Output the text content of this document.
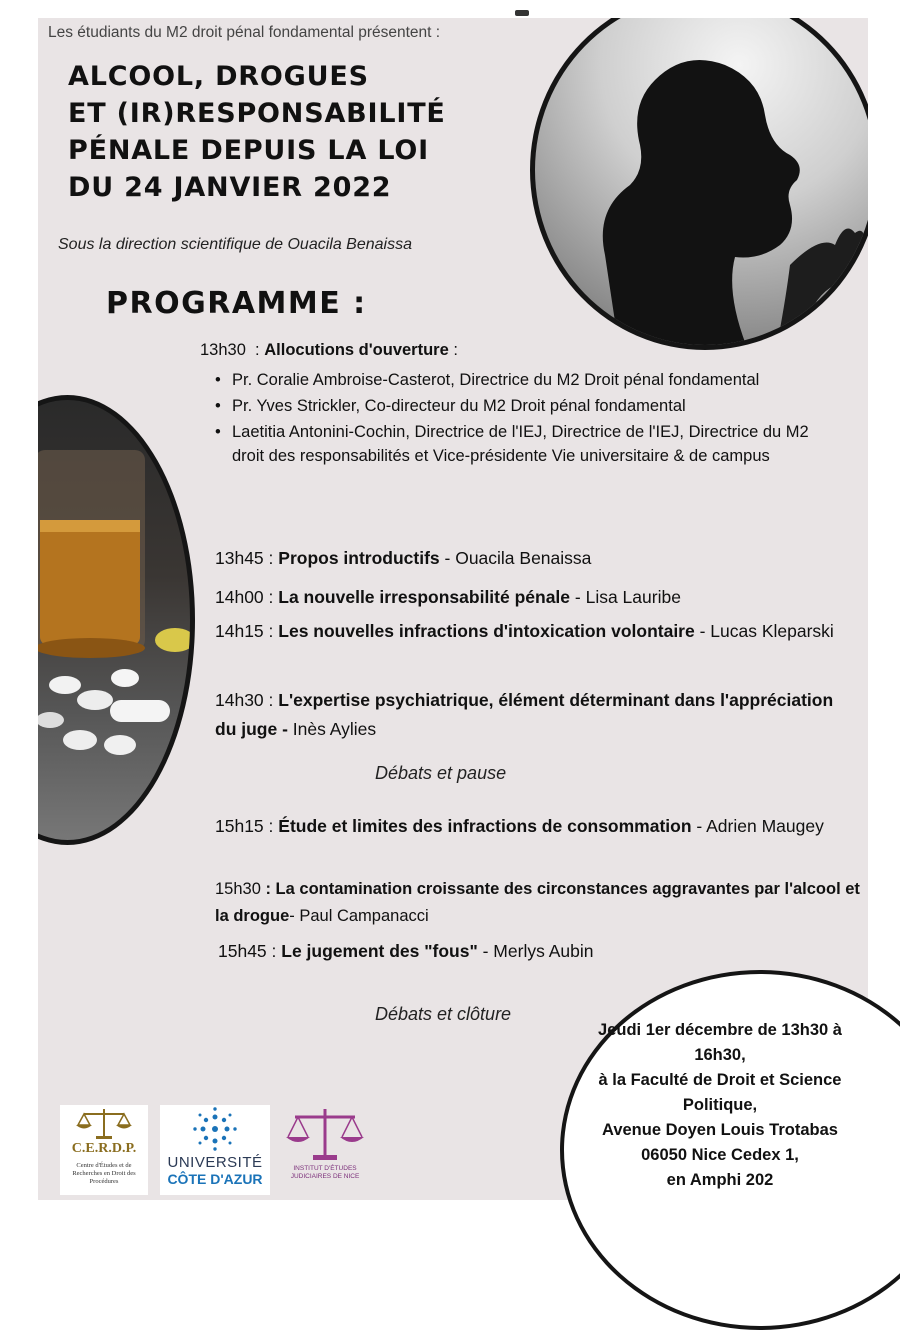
Les étudiants du M2 droit pénal fondamental présentent :
ALCOOL, DROGUES
ET (IR)RESPONSABILITÉ
PÉNALE DEPUIS LA LOI
DU 24 JANVIER 2022
Sous la direction scientifique de Ouacila Benaissa
PROGRAMME :
13h30  : Allocutions d'ouverture :
• Pr. Coralie Ambroise-Casterot, Directrice du M2 Droit pénal fondamental
• Pr. Yves Strickler, Co-directeur du M2 Droit pénal fondamental
• Laetitia Antonini-Cochin, Directrice de l'IEJ, Directrice de l'IEJ, Directrice du M2 droit des responsabilités et Vice-présidente Vie universitaire & de campus
13h45 : Propos introductifs - Ouacila Benaissa
14h00 : La nouvelle irresponsabilité pénale - Lisa Lauribe
14h15 : Les nouvelles infractions d'intoxication volontaire - Lucas Kleparski
14h30 : L'expertise psychiatrique, élément déterminant dans l'appréciation du juge - Inès Aylies
Débats et pause
15h15 : Étude et limites des infractions de consommation - Adrien Maugey
15h30 : La contamination croissante des circonstances aggravantes par l'alcool et la drogue- Paul Campanacci
15h45 : Le jugement des "fous" - Merlys Aubin
Débats et clôture
Jeudi 1er décembre de 13h30 à
16h30,
à la Faculté de Droit et Science
Politique,
Avenue Doyen Louis Trotabas
06050 Nice Cedex 1,
en Amphi 202
C.E.R.D.P.
Centre d'Études et de Recherches en Droit des Procédures
UNIVERSITÉ
CÔTE D'AZUR
INSTITUT D'ÉTUDES JUDICIAIRES DE NICE
